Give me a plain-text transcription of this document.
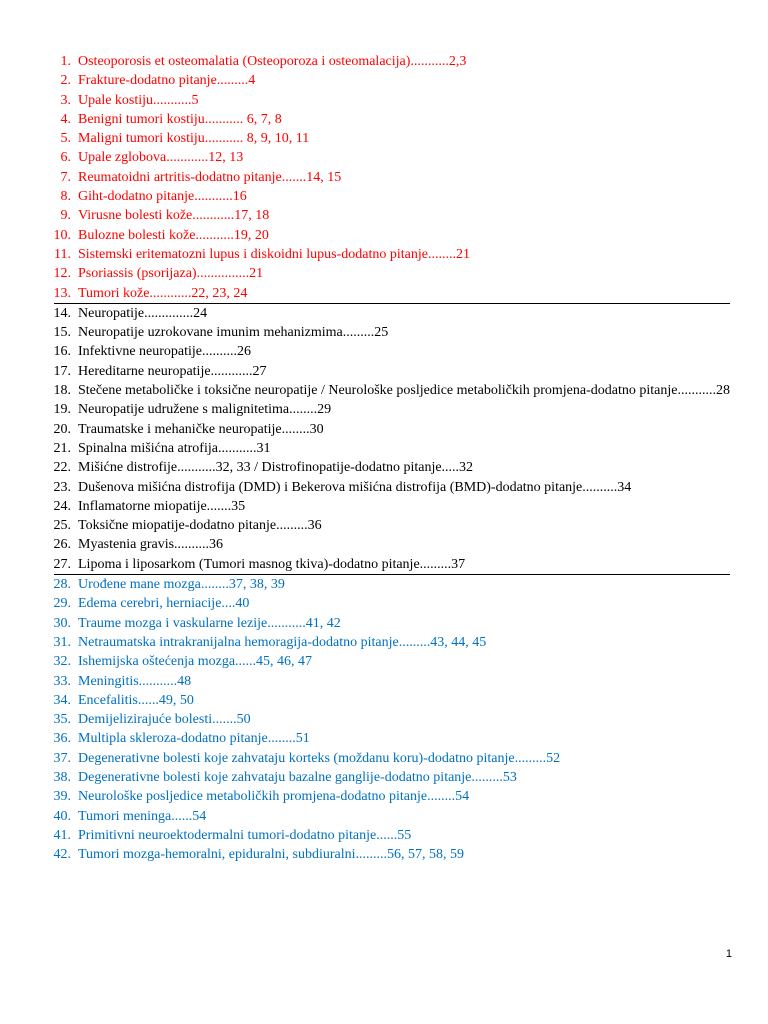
1. Osteoporosis et osteomalatia (Osteoporoza i osteomalacija)...........2,3
2. Frakture-dodatno pitanje.........4
3. Upale kostiju...........5
4. Benigni tumori kostiju........... 6, 7, 8
5. Maligni tumori kostiju........... 8, 9, 10, 11
6. Upale zglobova............12, 13
7. Reumatoidni artritis-dodatno pitanje.......14, 15
8. Giht-dodatno pitanje...........16
9. Virusne bolesti kože............17, 18
10. Bulozne bolesti kože...........19, 20
11. Sistemski eritematozni lupus i diskoidni lupus-dodatno pitanje........21
12. Psoriassis (psorijaza)...............21
13. Tumori kože............22, 23, 24
14. Neuropatije..............24
15. Neuropatije uzrokovane imunim mehanizmima.........25
16. Infektivne neuropatije..........26
17. Hereditarne neuropatije............27
18. Stečene metaboličke i toksične neuropatije / Neurološke posljedice metaboličkih promjena-dodatno pitanje...........28
19. Neuropatije udružene s malignitetima........29
20. Traumatske i mehaničke neuropatije........30
21. Spinalna mišićna atrofija...........31
22. Mišićne distrofije...........32, 33 / Distrofinopatije-dodatno pitanje.....32
23. Dušenova mišićna distrofija (DMD) i Bekerova mišićna distrofija (BMD)-dodatno pitanje..........34
24. Inflamatorne miopatije.......35
25. Toksične miopatije-dodatno pitanje.........36
26. Myastenia gravis..........36
27. Lipoma i liposarkom (Tumori masnog tkiva)-dodatno pitanje.........37
28. Urođene mane mozga........37, 38, 39
29. Edema cerebri, herniacije....40
30. Traume mozga i vaskularne lezije...........41, 42
31. Netraumatska intrakranijalna hemoragija-dodatno pitanje.........43, 44, 45
32. Ishemijska oštećenja mozga......45, 46, 47
33. Meningitis...........48
34. Encefalitis......49, 50
35. Demijelizirajuće bolesti.......50
36. Multipla skleroza-dodatno pitanje........51
37. Degenerativne bolesti koje zahvataju korteks (moždanu koru)-dodatno pitanje.........52
38. Degenerativne bolesti koje zahvataju bazalne ganglije-dodatno pitanje.........53
39. Neurološke posljedice metaboličkih promjena-dodatno pitanje........54
40. Tumori meninga......54
41. Primitivni neuroektodermalni tumori-dodatno pitanje......55
42. Tumori mozga-hemoralni, epiduralni, subdiuralni.........56, 57, 58, 59
1
